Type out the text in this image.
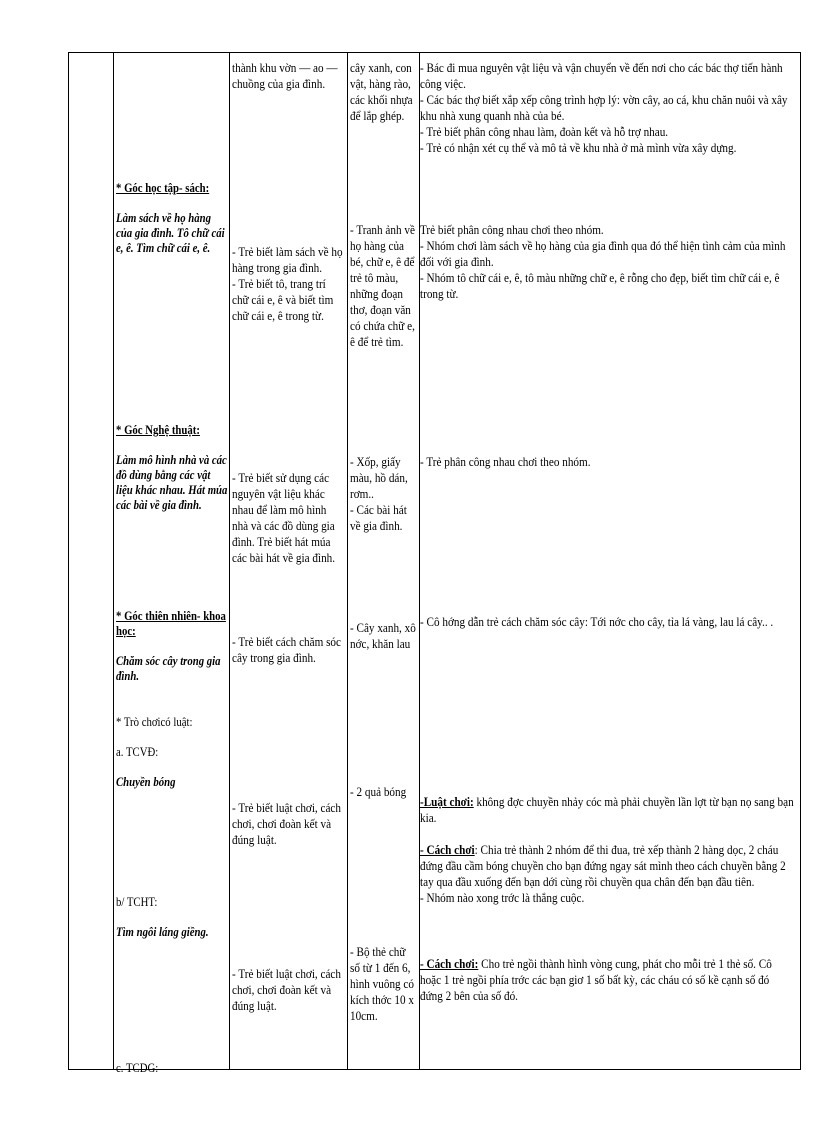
* Góc học tập- sách:

Làm sách về họ hàng của gia đình. Tô chữ cái e, ê. Tìm chữ cái e, ê.

* Góc Nghệ thuật:

Làm mô hình nhà và các đồ dùng bằng các vật liệu khác nhau. Hát múa các bài về gia đình.

* Góc thiên nhiên- khoa học:

Chăm sóc cây trong gia đình.

* Trò chơicó luật:

a. TCVĐ:

Chuyền bóng

b/ TCHT:

Tìm ngôi láng giềng.

c. TCDG:

thành khu vờn — ao — chuồng của gia đình.
- Trẻ biết làm sách về họ hàng trong gia đình.
- Trẻ biết tô, trang trí chữ cái e, ê và biết tìm chữ cái e, ê trong từ.
- Trẻ biết sử dụng các nguyên vật liệu khác nhau để làm mô hình nhà và các đồ dùng gia đình. Trẻ biết hát múa các bài hát về gia đình.
- Trẻ biết cách chăm sóc cây trong gia đình.
- Trẻ biết luật chơi, cách chơi, chơi đoàn kết và đúng luật.
- Trẻ biết luật chơi, cách chơi, chơi đoàn kết và đúng luật.
cây xanh, con vật, hàng rào, các khối nhựa để lắp ghép.
- Tranh ảnh về họ hàng của bé, chữ e, ê để trẻ tô màu, những đoạn thơ, đoạn văn có chứa chữ e, ê để trẻ tìm.
- Xốp, giấy màu, hồ dán, rơm..
- Các bài hát về gia đình.
- Cây xanh, xô nớc, khăn lau
- 2 quả bóng
- Bộ thẻ chữ số từ 1 đến 6, hình vuông có kích thớc 10 x 10cm.
- Bác đi mua nguyên vật liệu và vận chuyển về đến nơi cho các bác thợ tiến hành công việc.
- Các bác thợ biết xắp xếp công trình hợp lý: vờn cây, ao cá, khu chăn nuôi và xây khu nhà xung quanh nhà của bé.
- Trẻ biết phân công nhau làm, đoàn kết và hỗ trợ nhau.
- Trẻ có nhận xét cụ thể và mô tả về khu nhà ở mà mình vừa xây dựng.
Trẻ biết phân công nhau chơi theo nhóm.
- Nhóm chơi làm sách về họ hàng của gia đình qua đó thể hiện tình cảm của mình đối với gia đình.
- Nhóm tô chữ cái e, ê, tô màu những chữ e, ê rỗng cho đẹp, biết tìm chữ cái e, ê trong từ.
- Trẻ phân công nhau chơi theo nhóm.
- Cô hớng dẫn trẻ cách chăm sóc cây: Tới nớc cho cây, tỉa lá vàng, lau lá cây.. .

-Luật chơi: không đợc chuyền nhảy cóc mà phải chuyền lần lợt từ bạn nọ sang bạn kia.

- Cách chơi: Chia trẻ thành 2 nhóm để thi đua, trẻ xếp thành 2 hàng dọc, 2 cháu đứng đầu cầm bóng chuyền cho bạn đứng ngay sát mình theo cách chuyền bằng 2 tay qua đầu xuống đến bạn dới cùng rồi chuyền qua chân đến bạn đầu tiên.
- Nhóm nào xong trớc là thắng cuộc.

- Cách chơi: Cho trẻ ngồi thành hình vòng cung, phát cho mỗi trẻ 1 thẻ số. Cô hoặc 1 trẻ ngồi phía trớc các bạn giơ 1 số bất kỳ, các cháu có số kề cạnh số đó đứng 2 bên của số đó.
